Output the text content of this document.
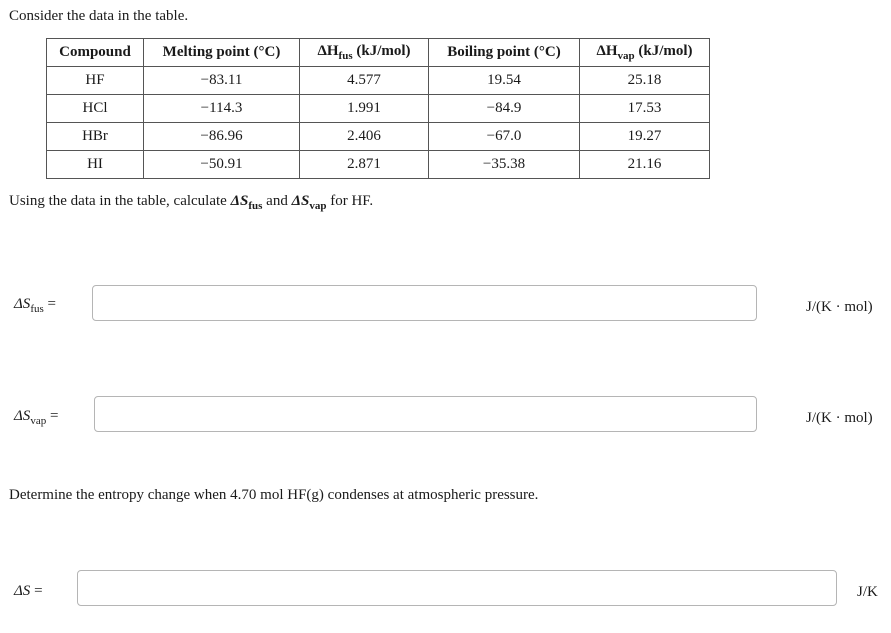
Consider the data in the table.
Compound	Melting point (°C)	$\Delta H_{fus}$ (kJ/mol)	Boiling point (°C)	$\Delta H_{vap}$ (kJ/mol)
HF	−83.11	4.577	19.54	25.18
HCl	−114.3	1.991	−84.9	17.53
HBr	−86.96	2.406	−67.0	19.27
HI	−50.91	2.871	−35.38	21.16
Using the data in the table, calculate $\Delta S_{fus}$ and $\Delta S_{vap}$ for HF.
$\Delta S_{fus}$ =	J/(K · mol)
$\Delta S_{vap}$ =	J/(K · mol)
Determine the entropy change when 4.70 mol HF(g) condenses at atmospheric pressure.
ΔS =	J/K
